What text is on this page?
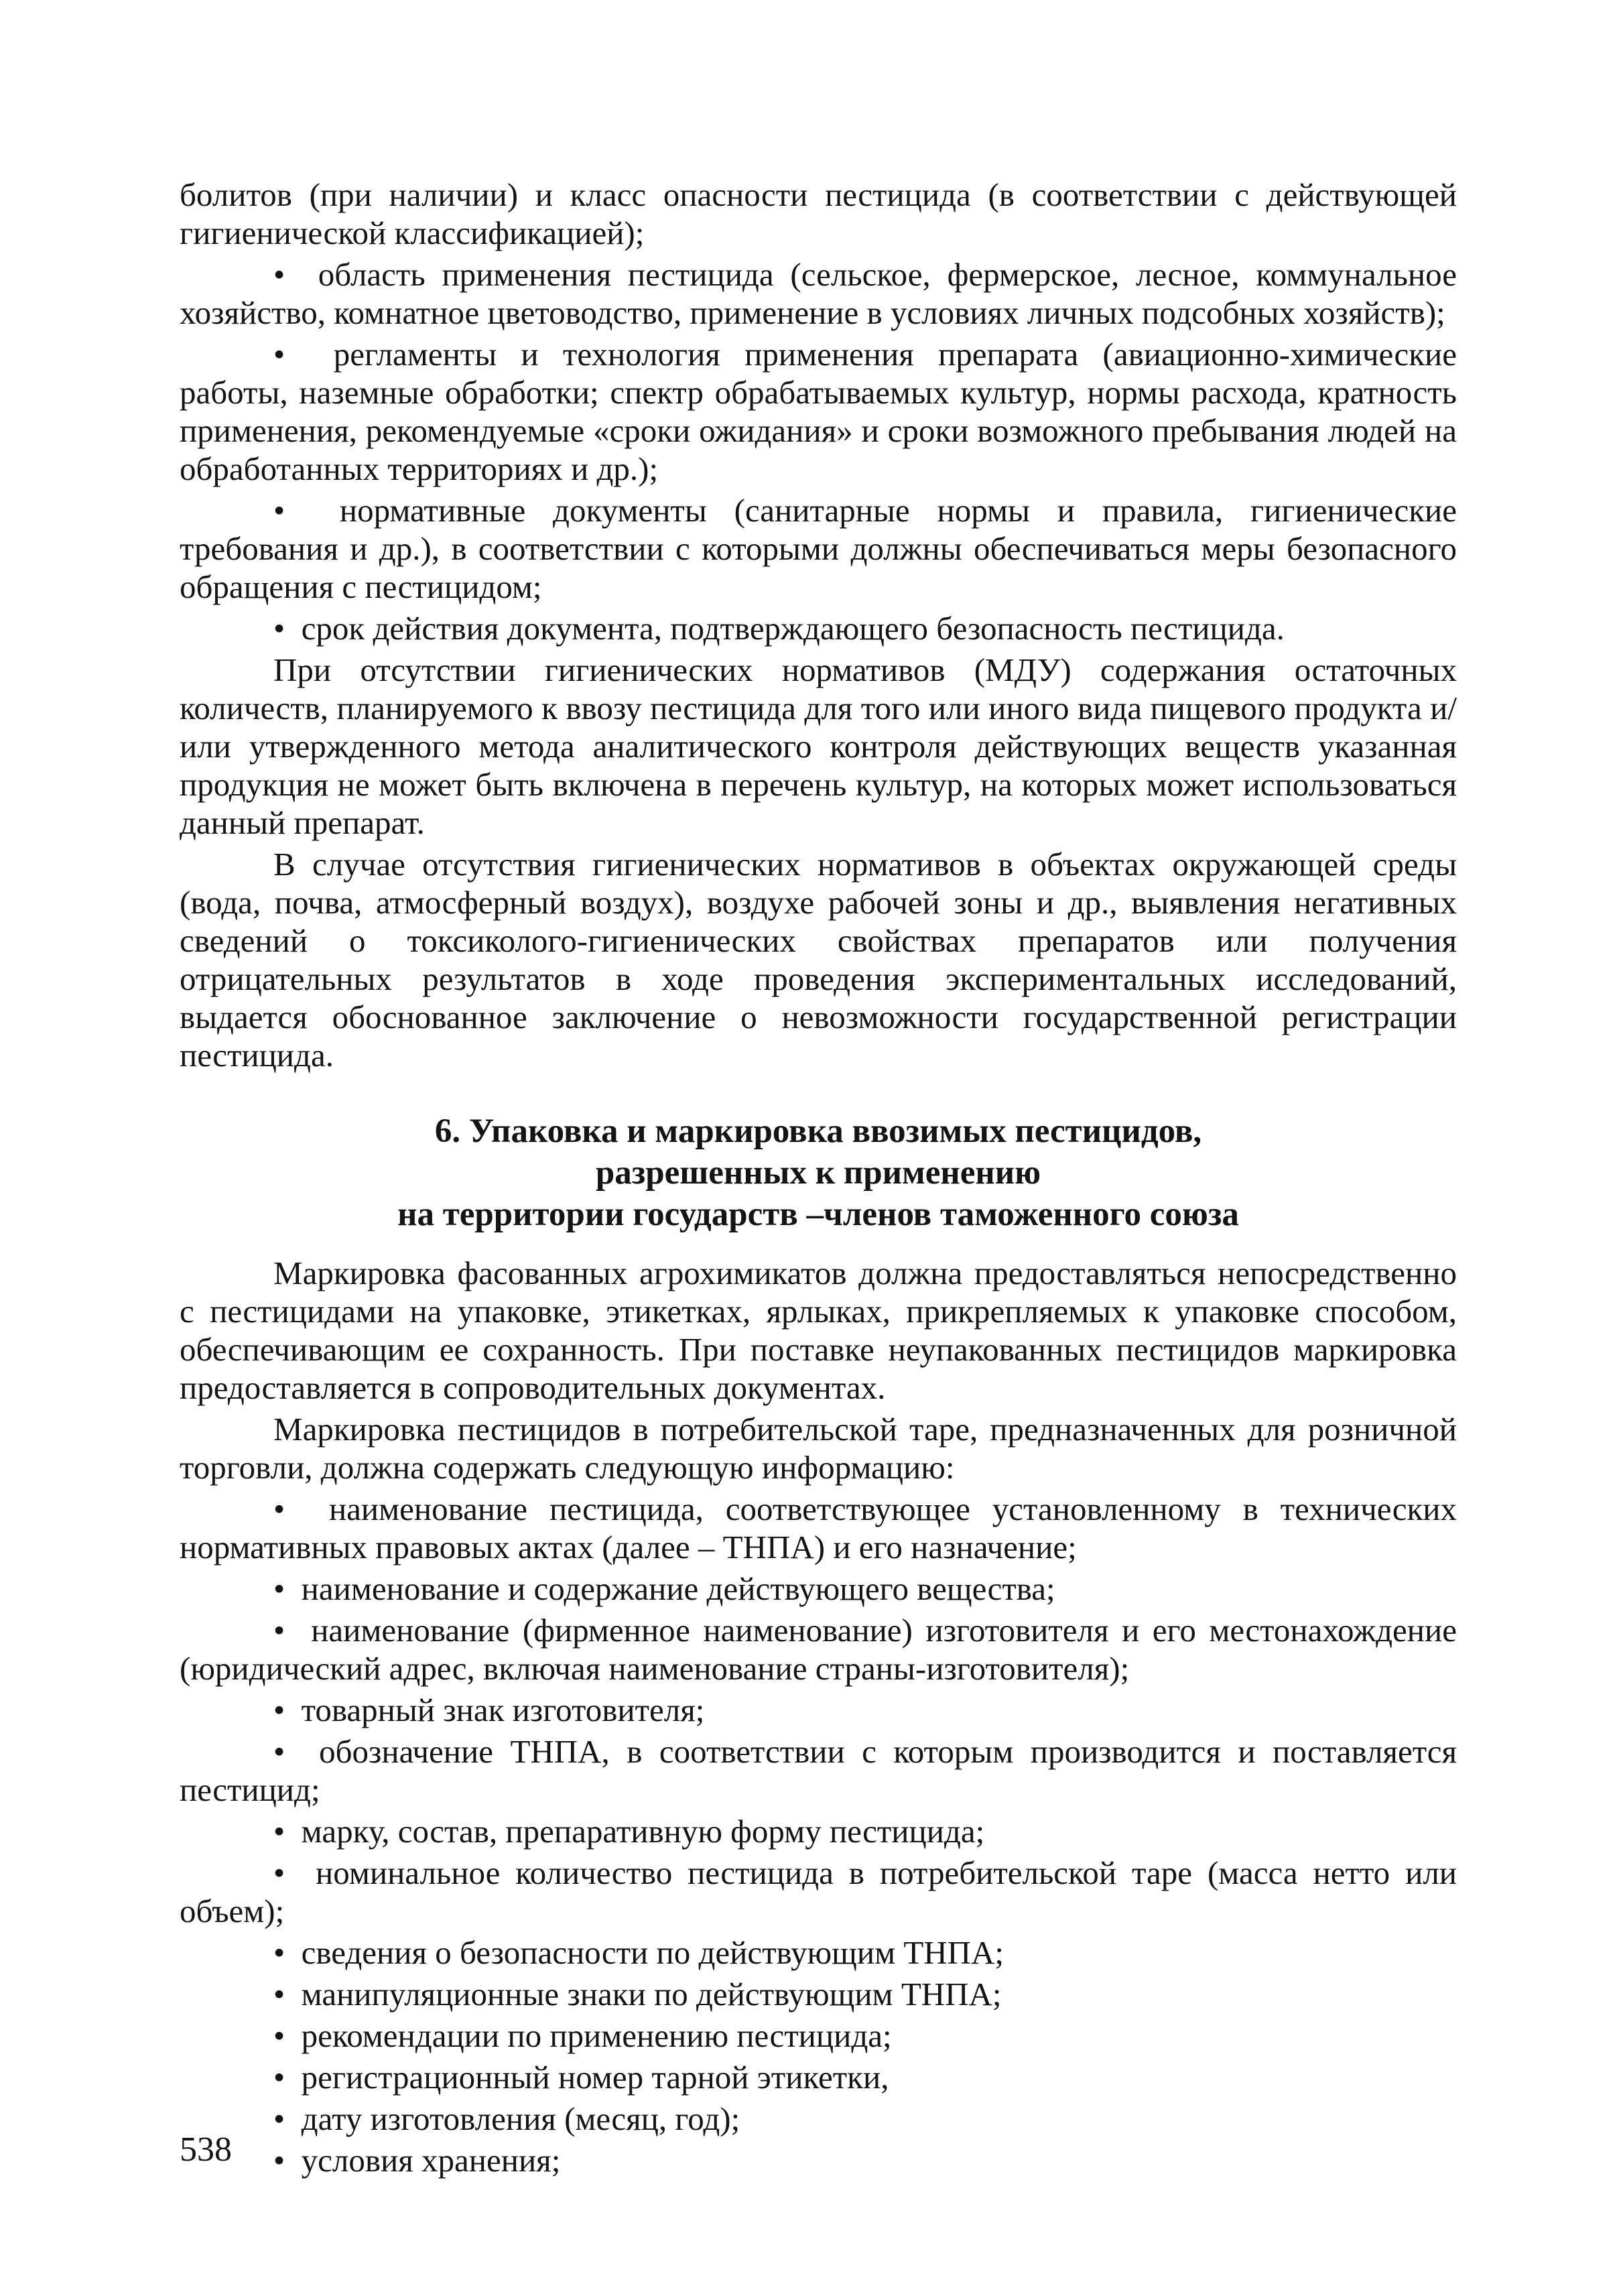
болитов (при наличии) и класс опасности пестицида (в соответствии с действующей гигиенической классификацией);

•  область применения пестицида (сельское, фермерское, лесное, коммунальное хозяйство, комнатное цветоводство, применение в условиях личных подсобных хозяйств);

•  регламенты и технология применения препарата (авиационно-химические работы, наземные обработки; спектр обрабатываемых культур, нормы расхода, кратность применения, рекомендуемые «сроки ожидания» и сроки возможного пребывания людей на обработанных территориях и др.);

•  нормативные документы (санитарные нормы и правила, гигиенические требования и др.), в соответствии с которыми должны обеспечиваться меры безопасного обращения с пестицидом;

•  срок действия документа, подтверждающего безопасность пестицида.

При отсутствии гигиенических нормативов (МДУ) содержания остаточных количеств, планируемого к ввозу пестицида для того или иного вида пищевого продукта и/или утвержденного метода аналитического контроля действующих веществ указанная продукция не может быть включена в перечень культур, на которых может использоваться данный препарат.

В случае отсутствия гигиенических нормативов в объектах окружающей среды (вода, почва, атмосферный воздух), воздухе рабочей зоны и др., выявления негативных сведений о токсиколого-гигиенических свойствах препаратов или получения отрицательных результатов в ходе проведения экспериментальных исследований, выдается обоснованное заключение о невозможности государственной регистрации пестицида.

6. Упаковка и маркировка ввозимых пестицидов,
разрешенных к применению
на территории государств –членов таможенного союза

Маркировка фасованных агрохимикатов должна предоставляться непосредственно с пестицидами на упаковке, этикетках, ярлыках, прикрепляемых к упаковке способом, обеспечивающим ее сохранность. При поставке неупакованных пестицидов маркировка предоставляется в сопроводительных документах.

Маркировка пестицидов в потребительской таре, предназначенных для розничной торговли, должна содержать следующую информацию:

•  наименование пестицида, соответствующее установленному в технических нормативных правовых актах (далее – ТНПА) и его назначение;

•  наименование и содержание действующего вещества;

•  наименование (фирменное наименование) изготовителя и его местонахождение (юридический адрес, включая наименование страны-изготовителя);

•  товарный знак изготовителя;

•  обозначение ТНПА, в соответствии с которым производится и поставляется пестицид;

•  марку, состав, препаративную форму пестицида;

•  номинальное количество пестицида в потребительской таре (масса нетто или объем);

•  сведения о безопасности по действующим ТНПА;

•  манипуляционные знаки по действующим ТНПА;

•  рекомендации по применению пестицида;

•  регистрационный номер тарной этикетки,

•  дату изготовления (месяц, год);

•  условия хранения;

538
